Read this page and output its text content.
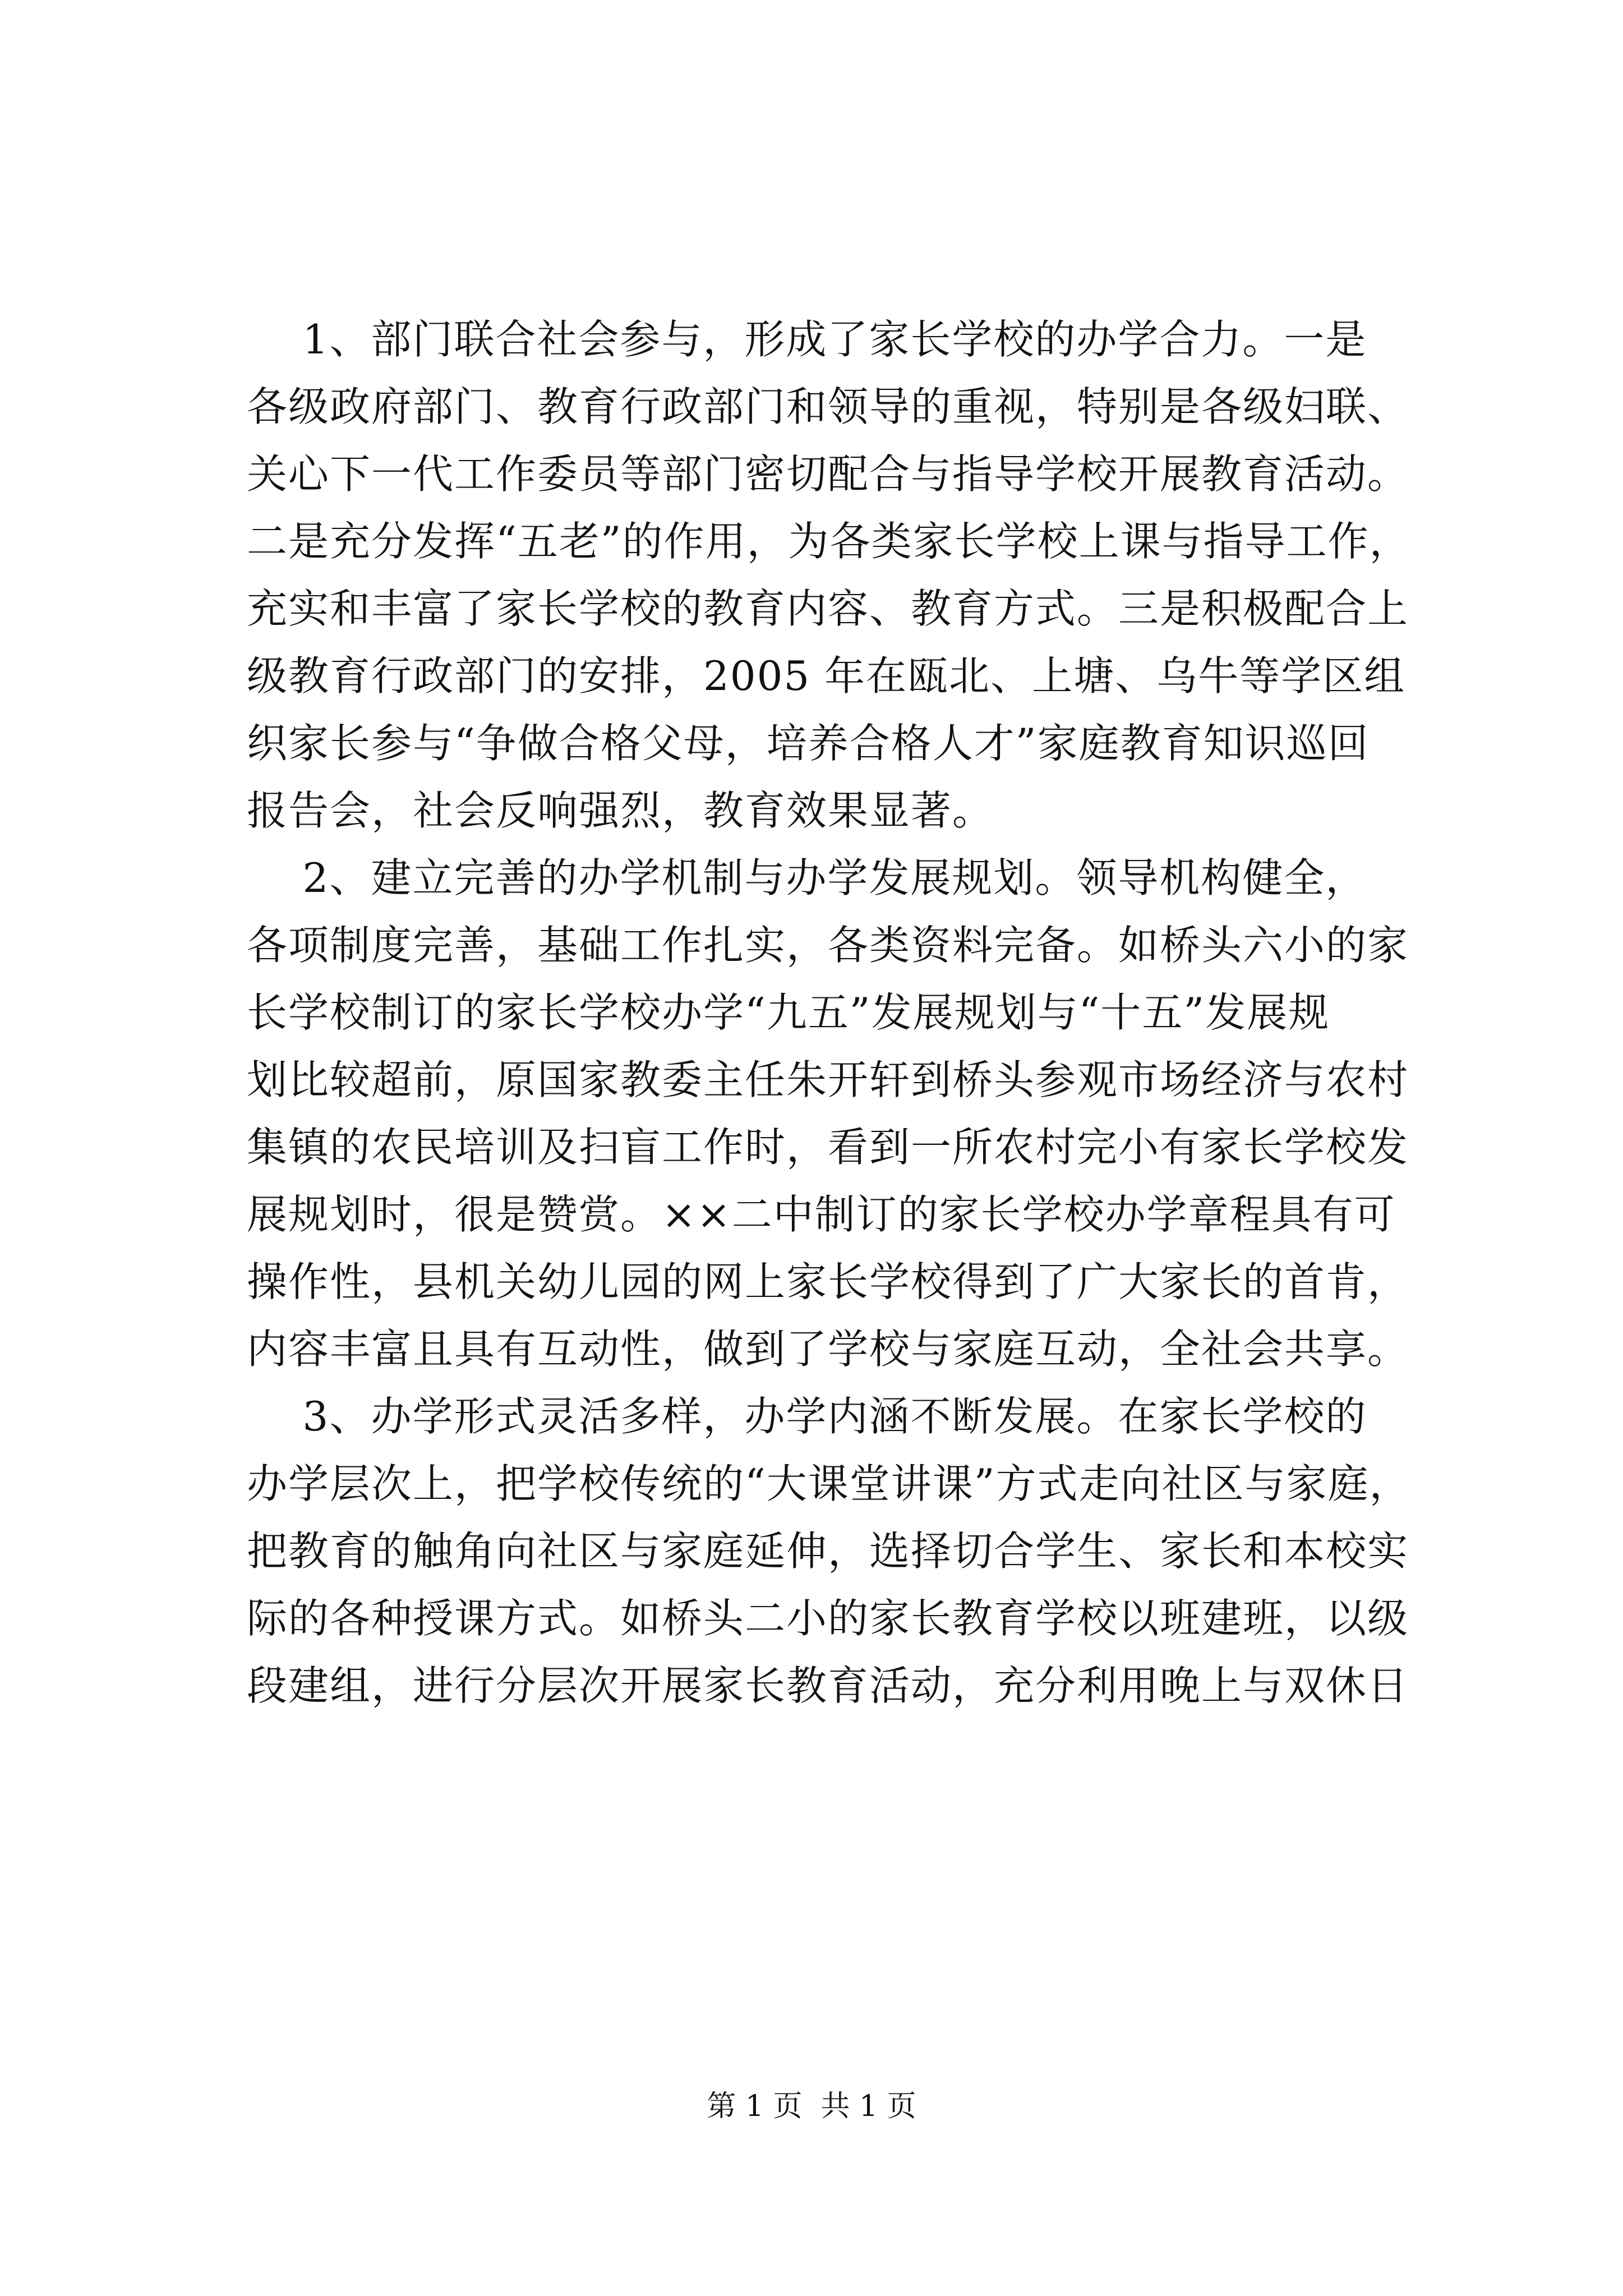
1、部门联合社会参与，形成了家长学校的办学合力。一是
各级政府部门、教育行政部门和领导的重视，特别是各级妇联、
关心下一代工作委员等部门密切配合与指导学校开展教育活动。
二是充分发挥“五老”的作用，为各类家长学校上课与指导工作，
充实和丰富了家长学校的教育内容、教育方式。三是积极配合上
级教育行政部门的安排，2005 年在瓯北、上塘、乌牛等学区组
织家长参与“争做合格父母，培养合格人才”家庭教育知识巡回
报告会，社会反响强烈，教育效果显著。
2、建立完善的办学机制与办学发展规划。领导机构健全，
各项制度完善，基础工作扎实，各类资料完备。如桥头六小的家
长学校制订的家长学校办学“九五”发展规划与“十五”发展规
划比较超前，原国家教委主任朱开轩到桥头参观市场经济与农村
集镇的农民培训及扫盲工作时，看到一所农村完小有家长学校发
展规划时，很是赞赏。××二中制订的家长学校办学章程具有可
操作性，县机关幼儿园的网上家长学校得到了广大家长的首肯，
内容丰富且具有互动性，做到了学校与家庭互动，全社会共享。
3、办学形式灵活多样，办学内涵不断发展。在家长学校的
办学层次上，把学校传统的“大课堂讲课”方式走向社区与家庭，
把教育的触角向社区与家庭延伸，选择切合学生、家长和本校实
际的各种授课方式。如桥头二小的家长教育学校以班建班，以级
段建组，进行分层次开展家长教育活动，充分利用晚上与双休日
第 1 页  共 1 页
